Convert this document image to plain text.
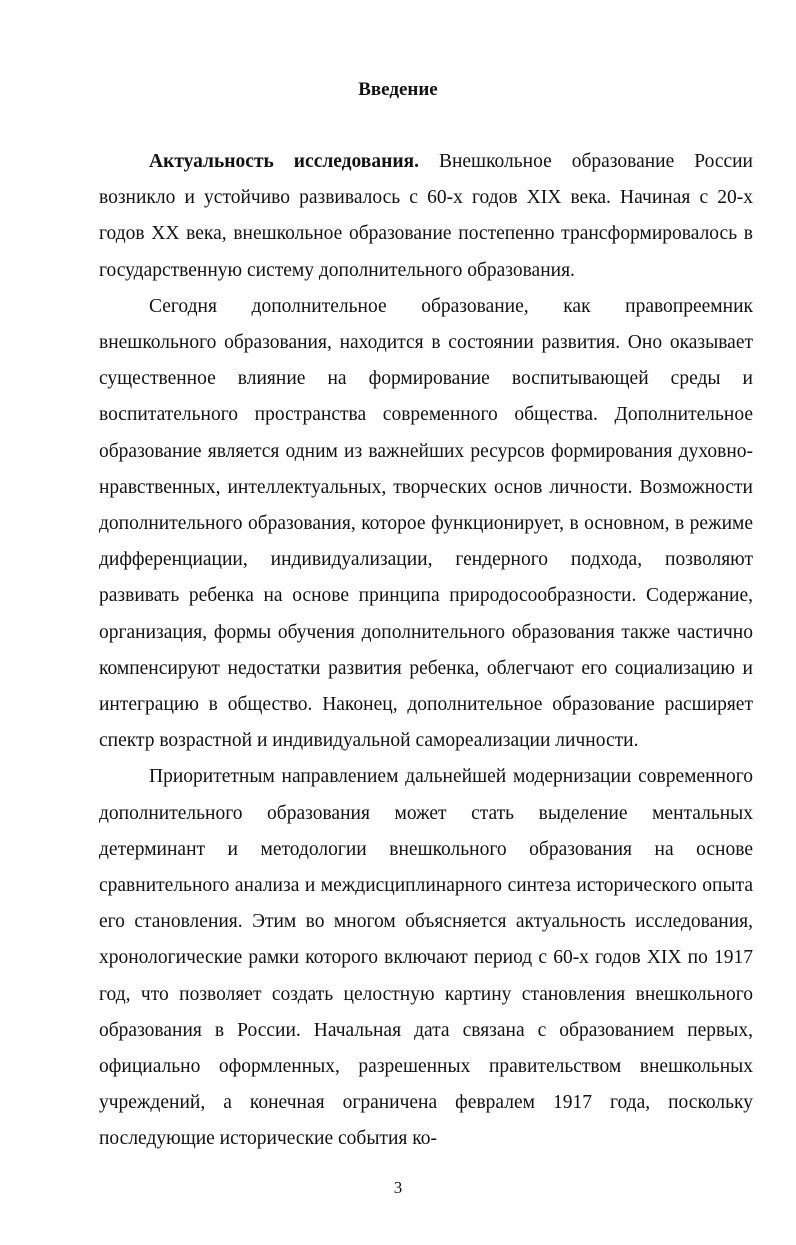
Введение

Актуальность исследования. Внешкольное образование России возникло и устойчиво развивалось с 60-х годов XIX века. Начиная с 20-х годов XX века, внешкольное образование постепенно трансформировалось в государственную систему дополнительного образования.

Сегодня дополнительное образование, как правопреемник внешкольного образования, находится в состоянии развития. Оно оказывает существенное влияние на формирование воспитывающей среды и воспитательного пространства современного общества. Дополнительное образование является одним из важнейших ресурсов формирования духовно-нравственных, интеллектуальных, творческих основ личности. Возможности дополнительного образования, которое функционирует, в основном, в режиме дифференциации, индивидуализации, гендерного подхода, позволяют развивать ребенка на основе принципа природосообразности. Содержание, организация, формы обучения дополнительного образования также частично компенсируют недостатки развития ребенка, облегчают его социализацию и интеграцию в общество. Наконец, дополнительное образование расширяет спектр возрастной и индивидуальной самореализации личности.

Приоритетным направлением дальнейшей модернизации современного дополнительного образования может стать выделение ментальных детерминант и методологии внешкольного образования на основе сравнительного анализа и междисциплинарного синтеза исторического опыта его становления. Этим во многом объясняется актуальность исследования, хронологические рамки которого включают период с 60-х годов XIX по 1917 год, что позволяет создать целостную картину становления внешкольного образования в России. Начальная дата связана с образованием первых, официально оформленных, разрешенных правительством внешкольных учреждений, а конечная ограничена февралем 1917 года, поскольку последующие исторические события ко-

3
